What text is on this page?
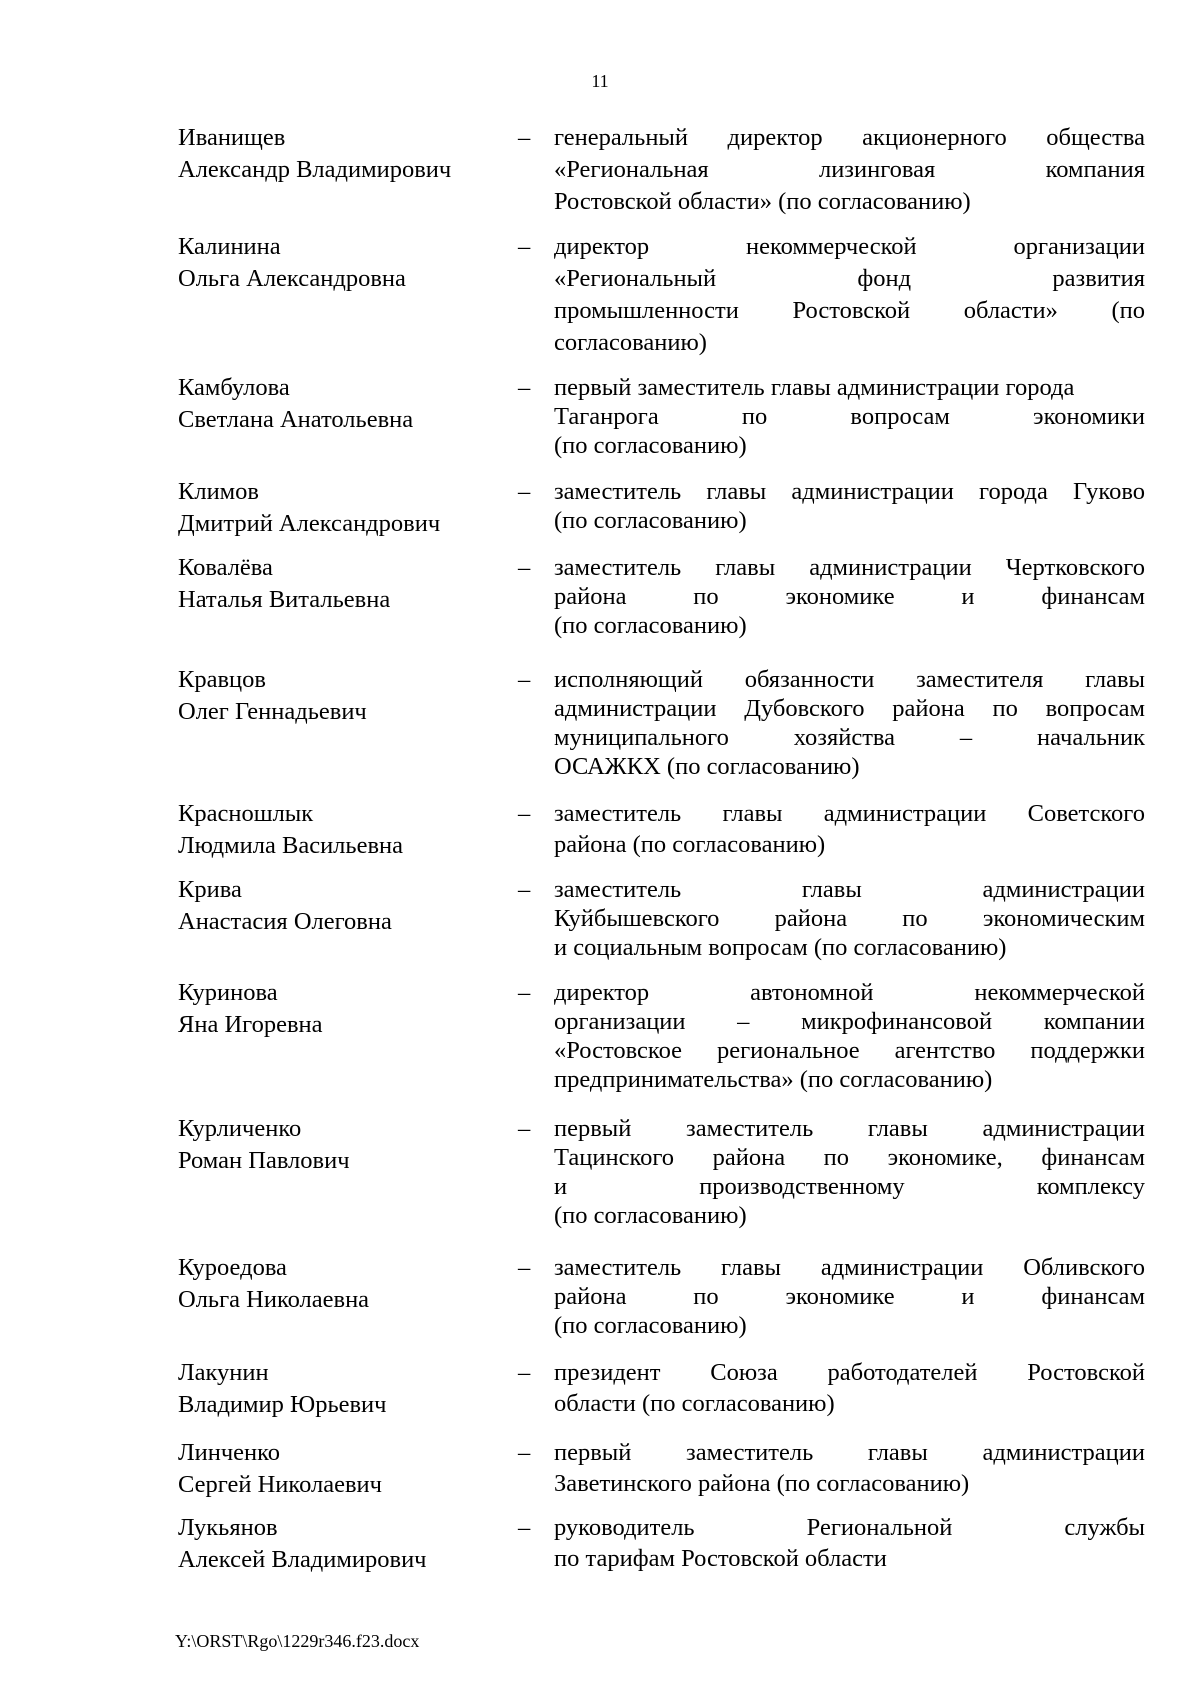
11
Иванищев
Александр Владимирович
– генеральный директор акционерного общества
«Региональная лизинговая компания
Ростовской области» (по согласованию)
Калинина
Ольга Александровна
– директор некоммерческой организации
«Региональный фонд развития
промышленности Ростовской области» (по
согласованию)
Камбулова
Светлана Анатольевна
– первый заместитель главы администрации города
Таганрога по вопросам экономики
(по согласованию)
Климов
Дмитрий Александрович
– заместитель главы администрации города Гуково
(по согласованию)
Ковалёва
Наталья Витальевна
– заместитель главы администрации Чертковского
района по экономике и финансам
(по согласованию)
Кравцов
Олег Геннадьевич
– исполняющий обязанности заместителя главы
администрации Дубовского района по вопросам
муниципального хозяйства – начальник
ОСАЖКХ (по согласованию)
Красношлык
Людмила Васильевна
– заместитель главы администрации Советского
района (по согласованию)
Крива
Анастасия Олеговна
– заместитель главы администрации
Куйбышевского района по экономическим
и социальным вопросам (по согласованию)
Куринова
Яна Игоревна
– директор автономной некоммерческой
организации – микрофинансовой компании
«Ростовское региональное агентство поддержки
предпринимательства» (по согласованию)
Курличенко
Роман Павлович
– первый заместитель главы администрации
Тацинского района по экономике, финансам
и производственному комплексу
(по согласованию)
Куроедова
Ольга Николаевна
– заместитель главы администрации Обливского
района по экономике и финансам
(по согласованию)
Лакунин
Владимир Юрьевич
– президент Союза работодателей Ростовской
области (по согласованию)
Линченко
Сергей Николаевич
– первый заместитель главы администрации
Заветинского района (по согласованию)
Лукьянов
Алексей Владимирович
– руководитель Региональной службы
по тарифам Ростовской области
Y:\ORST\Rgo\1229r346.f23.docx
